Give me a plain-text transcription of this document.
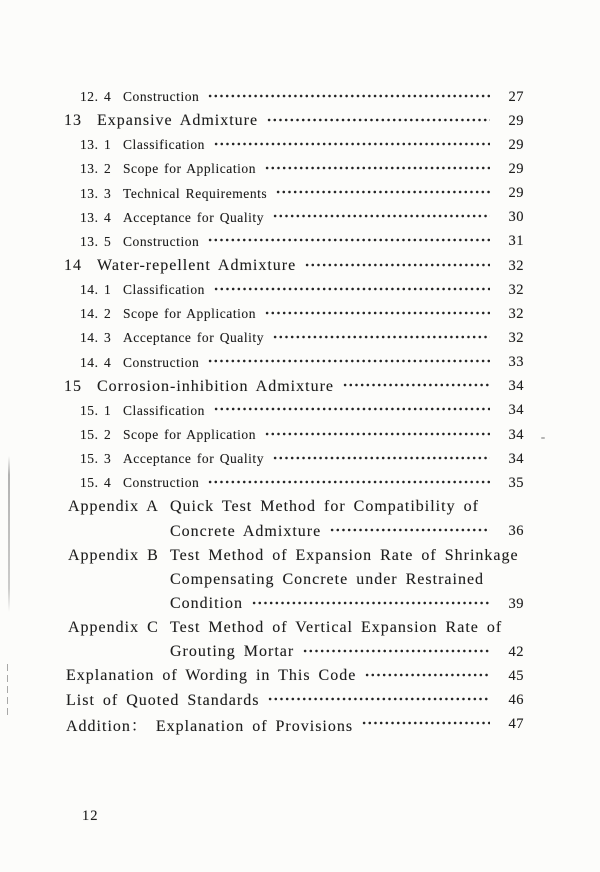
12. 4 Construction	27
13 Expansive Admixture	29
13. 1 Classification	29
13. 2 Scope for Application	29
13. 3 Technical Requirements	29
13. 4 Acceptance for Quality	30
13. 5 Construction	31
14 Water-repellent Admixture	32
14. 1 Classification	32
14. 2 Scope for Application	32
14. 3 Acceptance for Quality	32
14. 4 Construction	33
15 Corrosion-inhibition Admixture	34
15. 1 Classification	34
15. 2 Scope for Application	34
15. 3 Acceptance for Quality	34
15. 4 Construction	35
Appendix A Quick Test Method for Compatibility of
Concrete Admixture	36
Appendix B Test Method of Expansion Rate of Shrinkage
Compensating Concrete under Restrained
Condition	39
Appendix C Test Method of Vertical Expansion Rate of
Grouting Mortar	42
Explanation of Wording in This Code	45
List of Quoted Standards	46
Addition： Explanation of Provisions	47
12
